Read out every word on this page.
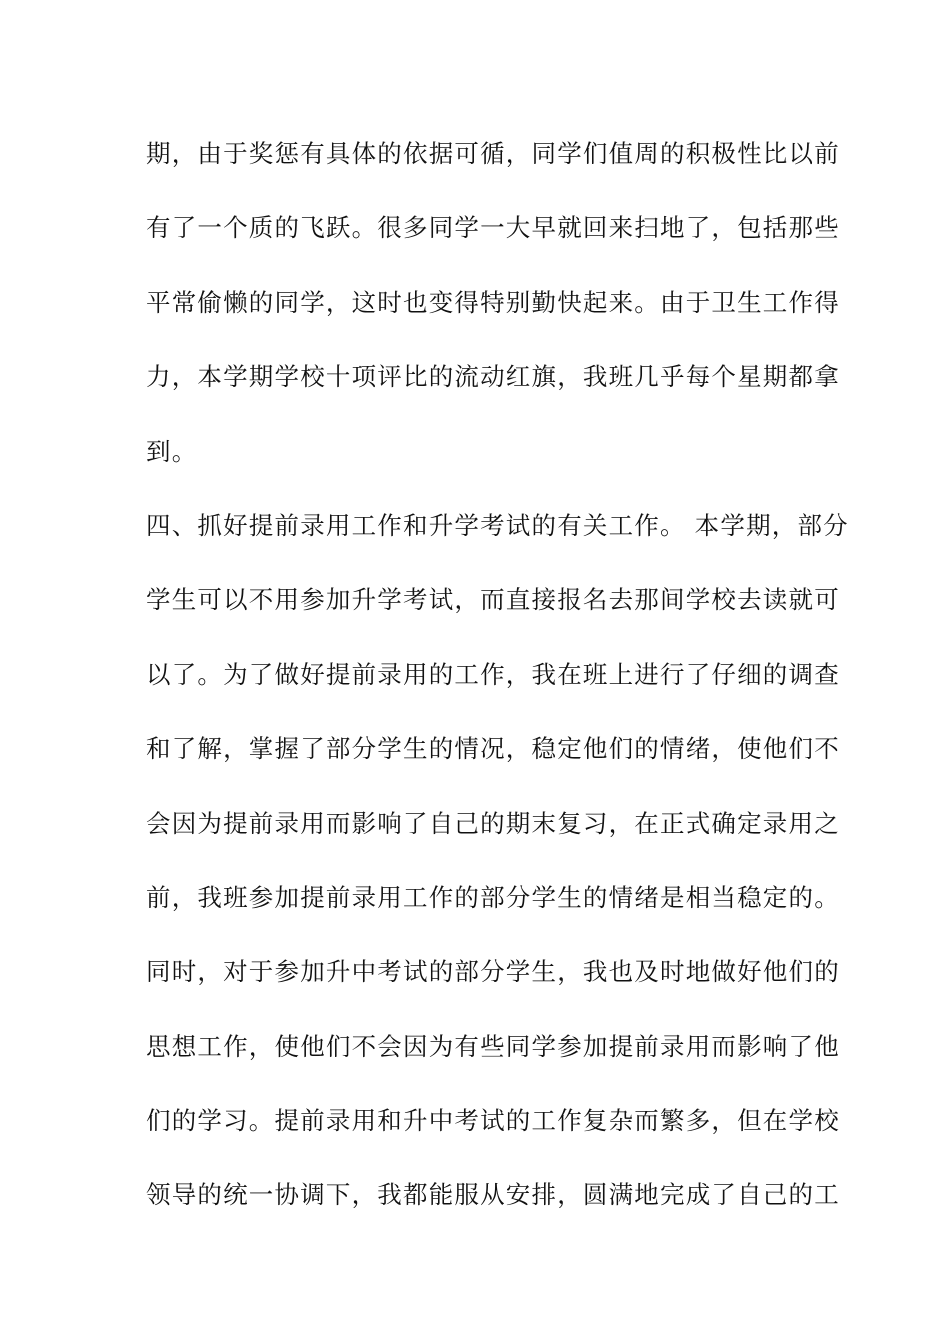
期，由于奖惩有具体的依据可循，同学们值周的积极性比以前
有了一个质的飞跃。很多同学一大早就回来扫地了，包括那些
平常偷懒的同学，这时也变得特别勤快起来。由于卫生工作得
力，本学期学校十项评比的流动红旗，我班几乎每个星期都拿
到。
四、抓好提前录用工作和升学考试的有关工作。 本学期，部分
学生可以不用参加升学考试，而直接报名去那间学校去读就可
以了。为了做好提前录用的工作，我在班上进行了仔细的调查
和了解，掌握了部分学生的情况，稳定他们的情绪，使他们不
会因为提前录用而影响了自己的期末复习，在正式确定录用之
前，我班参加提前录用工作的部分学生的情绪是相当稳定的。
同时，对于参加升中考试的部分学生，我也及时地做好他们的
思想工作，使他们不会因为有些同学参加提前录用而影响了他
们的学习。提前录用和升中考试的工作复杂而繁多，但在学校
领导的统一协调下，我都能服从安排，圆满地完成了自己的工
